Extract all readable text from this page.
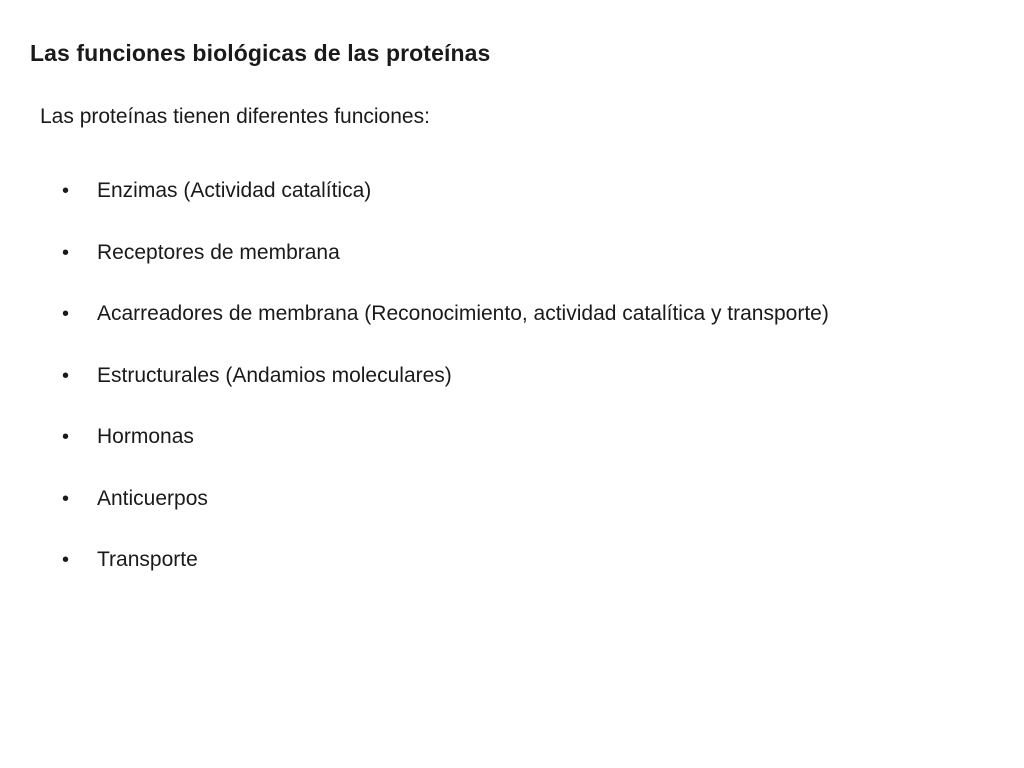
Las funciones biológicas de las proteínas
Las proteínas tienen diferentes funciones:
• Enzimas (Actividad catalítica)
• Receptores de membrana
• Acarreadores de membrana (Reconocimiento, actividad catalítica y transporte)
• Estructurales (Andamios moleculares)
• Hormonas
• Anticuerpos
• Transporte
